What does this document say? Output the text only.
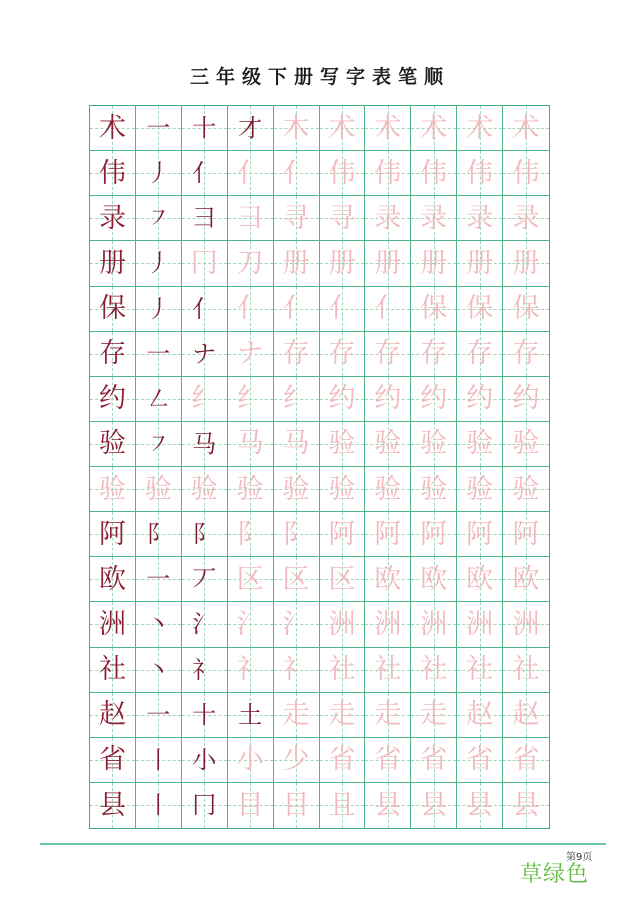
三年级下册写字表笔顺
术 一 十 才 木 术 术 术 术 术
伟 丿 亻 亻 亻 伟 伟 伟 伟 伟
录 ㇇ ⺕ ⺕ 寻 寻 录 录 录 录
册 丿 冂 刀 册 册 册 册 册 册
保 丿 亻 亻 亻 亻 亻 保 保 保
存 一 ナ ナ 存 存 存 存 存 存
约 ㇜ 纟 纟 纟 约 约 约 约 约
验 ㇇ 马 马 马 验 验 验 验 验
验 验 验 验 验 验 验 验 验 验
阿 阝 阝 阝 阝 阿 阿 阿 阿 阿
欧 一 丆 区 区 区 欧 欧 欧 欧
洲 丶 氵 氵 氵 洲 洲 洲 洲 洲
社 丶 礻 礻 礻 社 社 社 社 社
赵 一 十 土 走 走 走 走 赵 赵
省 丨 小 小 少 省 省 省 省 省
县 丨 冂 目 目 且 县 县 县 县
第9页
草绿色
